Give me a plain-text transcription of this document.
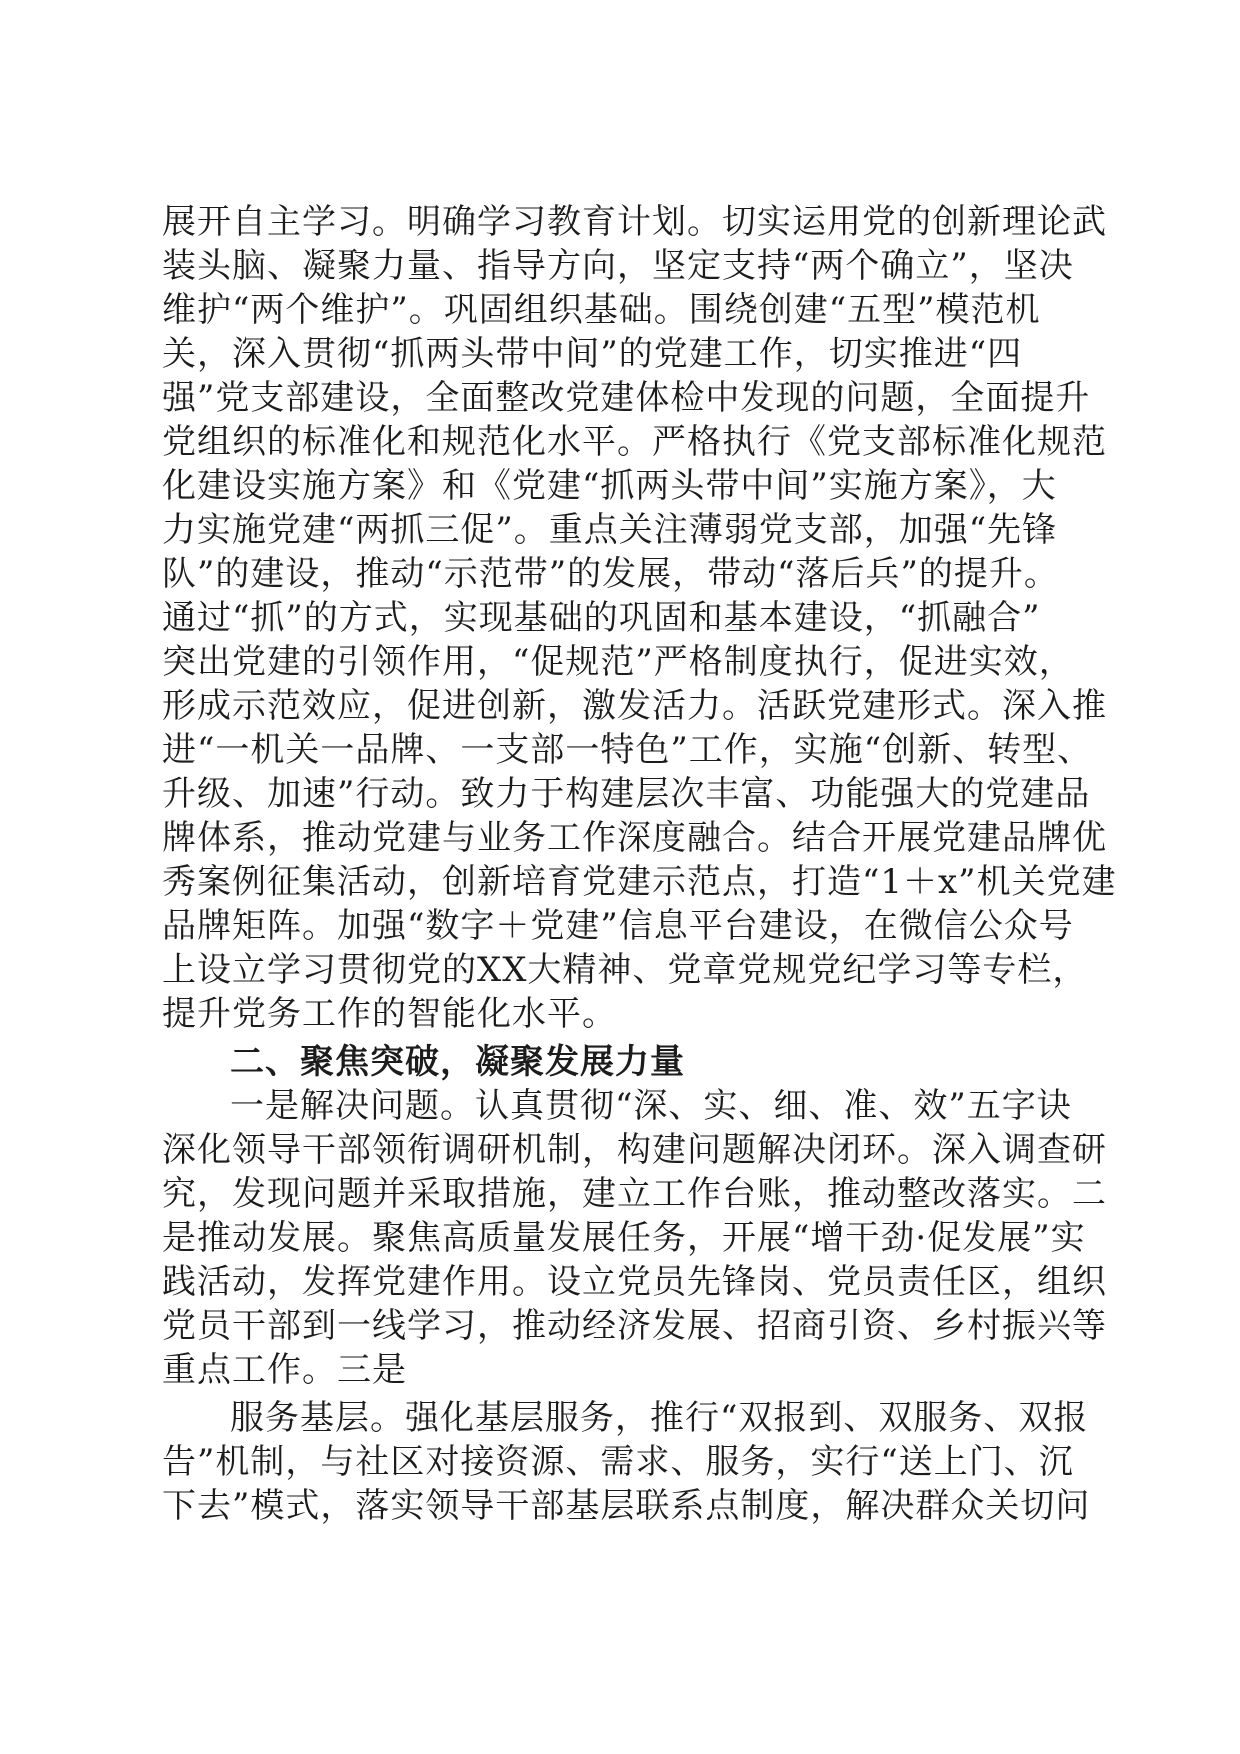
展开自主学习。明确学习教育计划。切实运用党的创新理论武
装头脑、凝聚力量、指导方向，坚定支持“两个确立”，坚决
维护“两个维护”。巩固组织基础。围绕创建“五型”模范机
关，深入贯彻“抓两头带中间”的党建工作，切实推进“四
强”党支部建设，全面整改党建体检中发现的问题，全面提升
党组织的标准化和规范化水平。严格执行《党支部标准化规范
化建设实施方案》和《党建“抓两头带中间”实施方案》，大
力实施党建“两抓三促”。重点关注薄弱党支部，加强“先锋
队”的建设，推动“示范带”的发展，带动“落后兵”的提升。
通过“抓”的方式，实现基础的巩固和基本建设，“抓融合”
突出党建的引领作用，“促规范”严格制度执行，促进实效，
形成示范效应，促进创新，激发活力。活跃党建形式。深入推
进“一机关一品牌、一支部一特色”工作，实施“创新、转型、
升级、加速”行动。致力于构建层次丰富、功能强大的党建品
牌体系，推动党建与业务工作深度融合。结合开展党建品牌优
秀案例征集活动，创新培育党建示范点，打造“1＋x”机关党建
品牌矩阵。加强“数字＋党建”信息平台建设，在微信公众号
上设立学习贯彻党的XX大精神、党章党规党纪学习等专栏，
提升党务工作的智能化水平。
二、聚焦突破，凝聚发展力量
一是解决问题。认真贯彻“深、实、细、准、效”五字诀
深化领导干部领衔调研机制，构建问题解决闭环。深入调查研
究，发现问题并采取措施，建立工作台账，推动整改落实。二
是推动发展。聚焦高质量发展任务，开展“增干劲·促发展”实
践活动，发挥党建作用。设立党员先锋岗、党员责任区，组织
党员干部到一线学习，推动经济发展、招商引资、乡村振兴等
重点工作。三是
服务基层。强化基层服务，推行“双报到、双服务、双报
告”机制，与社区对接资源、需求、服务，实行“送上门、沉
下去”模式，落实领导干部基层联系点制度，解决群众关切问
